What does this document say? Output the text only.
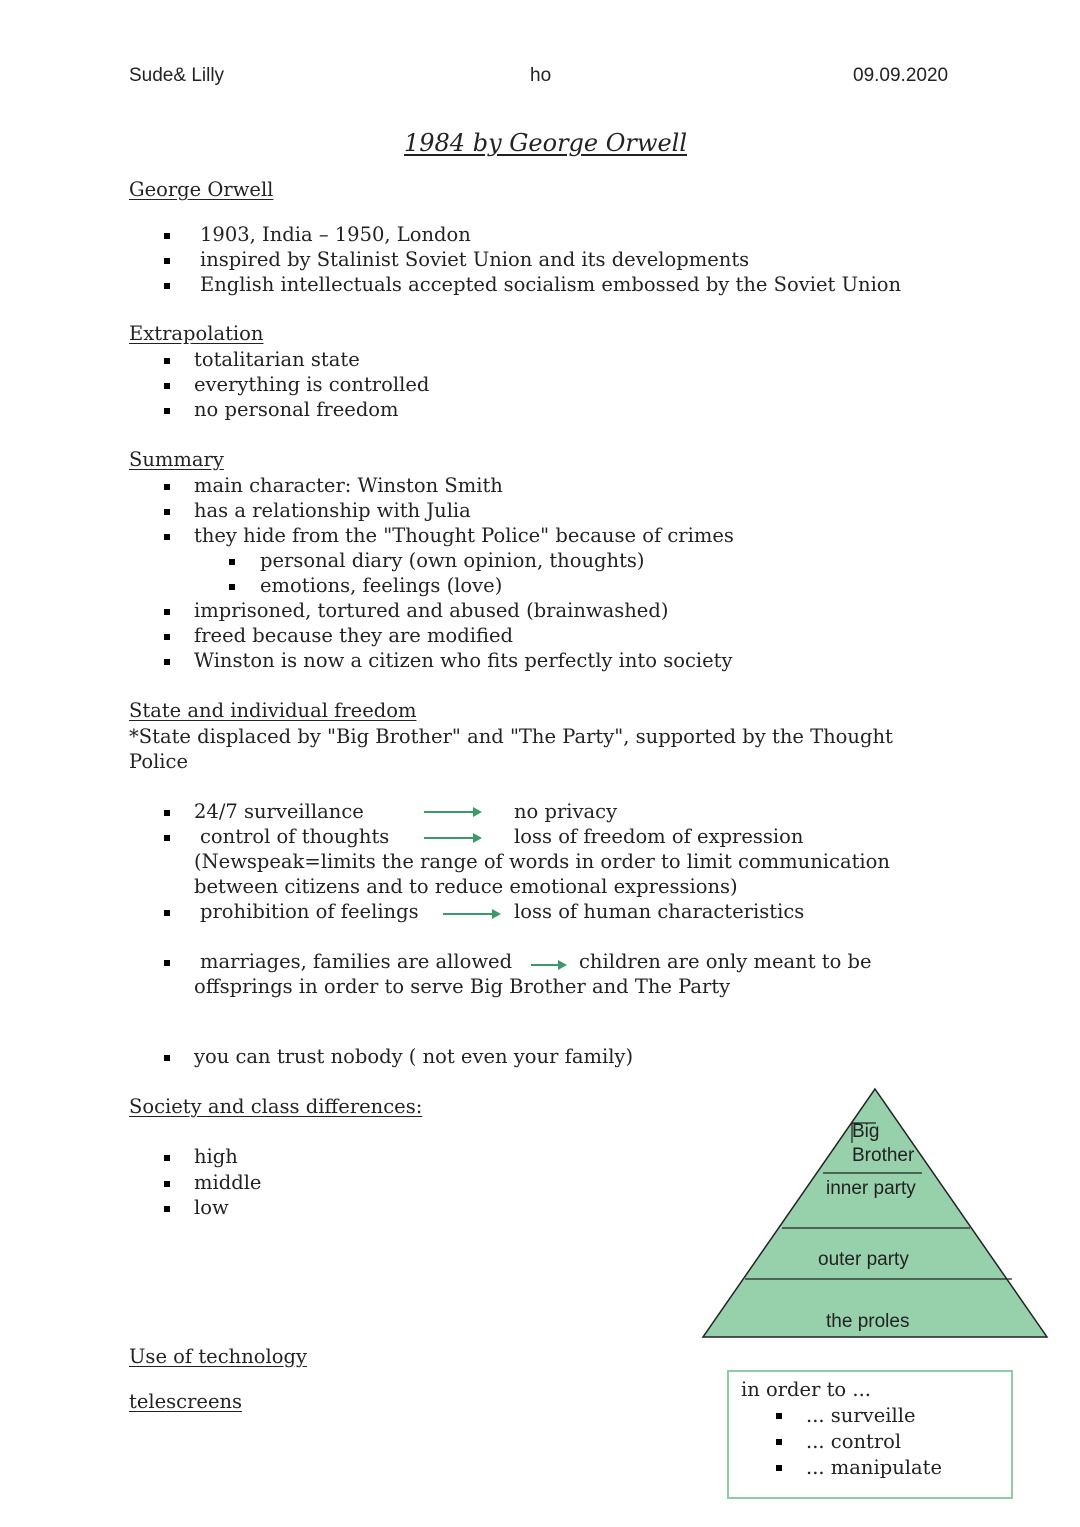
Sude& Lilly	ho	09.09.2020
1984 by George Orwell
George Orwell
1903, India – 1950, London
inspired by Stalinist Soviet Union and its developments
English intellectuals accepted socialism embossed by the Soviet Union
Extrapolation
totalitarian state
everything is controlled
no personal freedom
Summary
main character: Winston Smith
has a relationship with Julia
they hide from the "Thought Police" because of crimes
personal diary (own opinion, thoughts)
emotions, feelings (love)
imprisoned, tortured and abused (brainwashed)
freed because they are modified
Winston is now a citizen who fits perfectly into society
State and individual freedom
*State displaced by "Big Brother" and "The Party", supported by the Thought
Police
24/7 surveillance	no privacy
control of thoughts	loss of freedom of expression
(Newspeak=limits the range of words in order to limit communication
between citizens and to reduce emotional expressions)
prohibition of feelings	loss of human characteristics
marriages, families are allowed	children are only meant to be
offsprings in order to serve Big Brother and The Party
you can trust nobody ( not even your family)
Society and class differences:
high
middle
low
Big
Brother
inner party
outer party
the proles
Use of technology
telescreens
in order to ...
... surveille
... control
... manipulate
